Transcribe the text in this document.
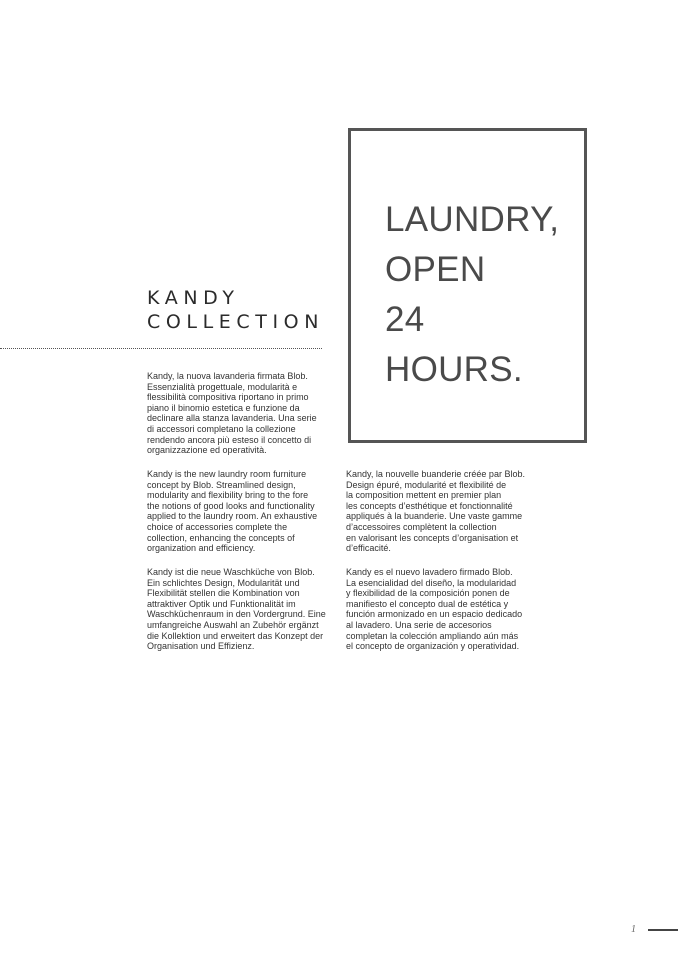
KANDY
COLLECTION
LAUNDRY,
OPEN
24
HOURS.

Kandy, la nuova lavanderia firmata Blob.
Essenzialità progettuale, modularità e
flessibilità compositiva riportano in primo
piano il binomio estetica e funzione da
declinare alla stanza lavanderia. Una serie
di accessori completano la collezione
rendendo ancora più esteso il concetto di
organizzazione ed operatività.

Kandy is the new laundry room furniture
concept by Blob. Streamlined design,
modularity and flexibility bring to the fore
the notions of good looks and functionality
applied to the laundry room. An exhaustive
choice of accessories complete the
collection, enhancing the concepts of
organization and efficiency.

Kandy ist die neue Waschküche von Blob.
Ein schlichtes Design, Modularität und
Flexibilität stellen die Kombination von
attraktiver Optik und Funktionalität im
Waschküchenraum in den Vordergrund. Eine
umfangreiche Auswahl an Zubehör ergänzt
die Kollektion und erweitert das Konzept der
Organisation und Effizienz.

Kandy, la nouvelle buanderie créée par Blob.
Design épuré, modularité et flexibilité de
la composition mettent en premier plan
les concepts d’esthétique et fonctionnalité
appliqués à la buanderie. Une vaste gamme
d’accessoires complètent la collection
en valorisant les concepts d’organisation et
d’efficacité.

Kandy es el nuevo lavadero firmado Blob.
La esencialidad del diseño, la modularidad
y flexibilidad de la composición ponen de
manifiesto el concepto dual de estética y
función armonizado en un espacio dedicado
al lavadero. Una serie de accesorios
completan la colección ampliando aún más
el concepto de organización y operatividad.

1
